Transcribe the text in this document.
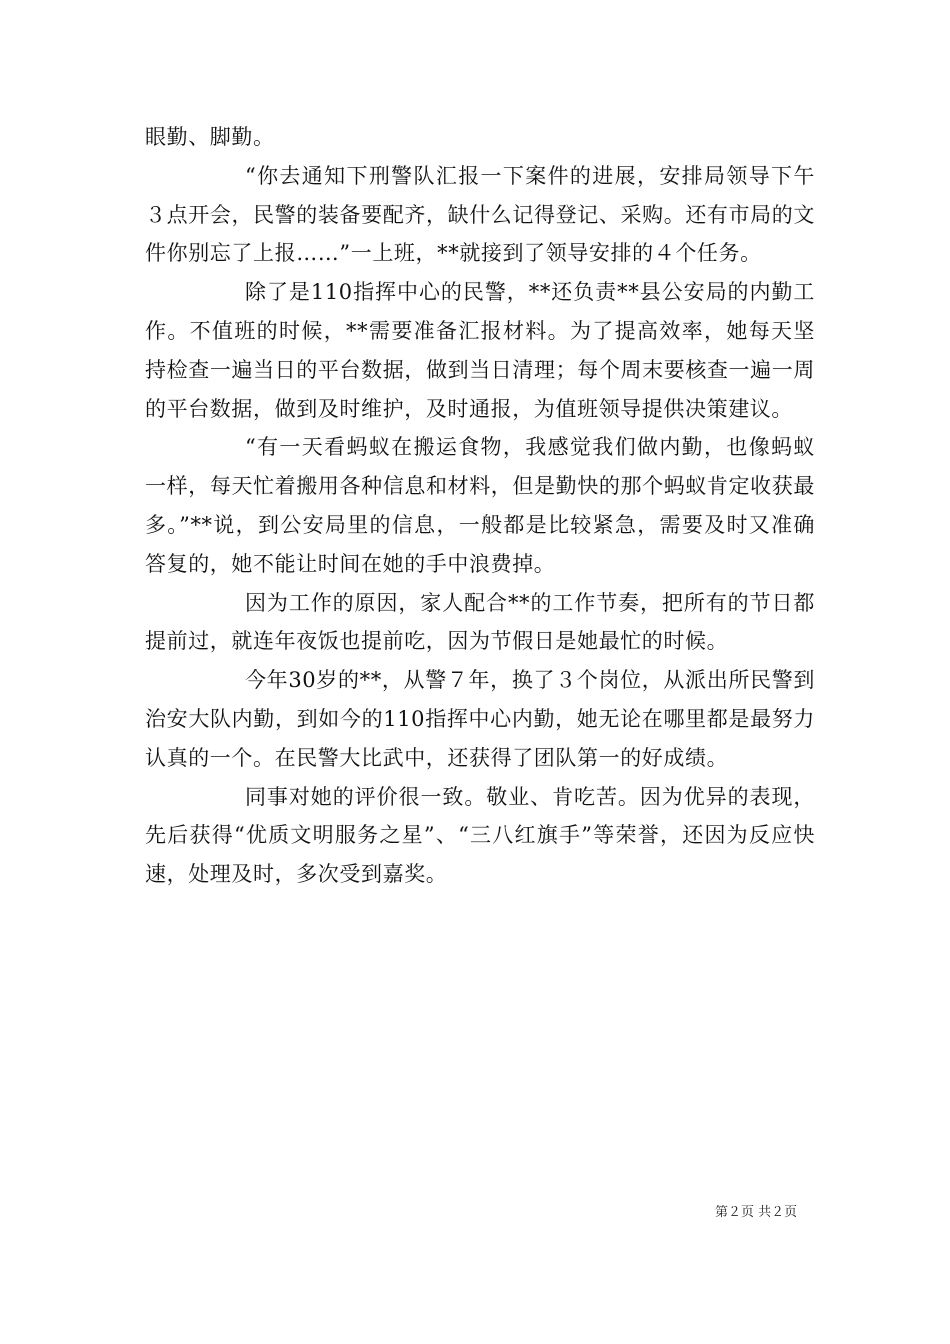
眼勤、脚勤。

“你去通知下刑警队汇报一下案件的进展，安排局领导下午３点开会，民警的装备要配齐，缺什么记得登记、采购。还有市局的文件你别忘了上报……”一上班，**就接到了领导安排的４个任务。

除了是110指挥中心的民警，**还负责**县公安局的内勤工作。不值班的时候，**需要准备汇报材料。为了提高效率，她每天坚持检查一遍当日的平台数据，做到当日清理；每个周末要核查一遍一周的平台数据，做到及时维护，及时通报，为值班领导提供决策建议。

“有一天看蚂蚁在搬运食物，我感觉我们做内勤，也像蚂蚁一样，每天忙着搬用各种信息和材料，但是勤快的那个蚂蚁肯定收获最多。”**说，到公安局里的信息，一般都是比较紧急，需要及时又准确答复的，她不能让时间在她的手中浪费掉。

因为工作的原因，家人配合**的工作节奏，把所有的节日都提前过，就连年夜饭也提前吃，因为节假日是她最忙的时候。

今年30岁的**，从警７年，换了３个岗位，从派出所民警到治安大队内勤，到如今的110指挥中心内勤，她无论在哪里都是最努力认真的一个。在民警大比武中，还获得了团队第一的好成绩。

同事对她的评价很一致。敬业、肯吃苦。因为优异的表现，先后获得“优质文明服务之星”、“三八红旗手”等荣誉，还因为反应快速，处理及时，多次受到嘉奖。

第２页 共２页
